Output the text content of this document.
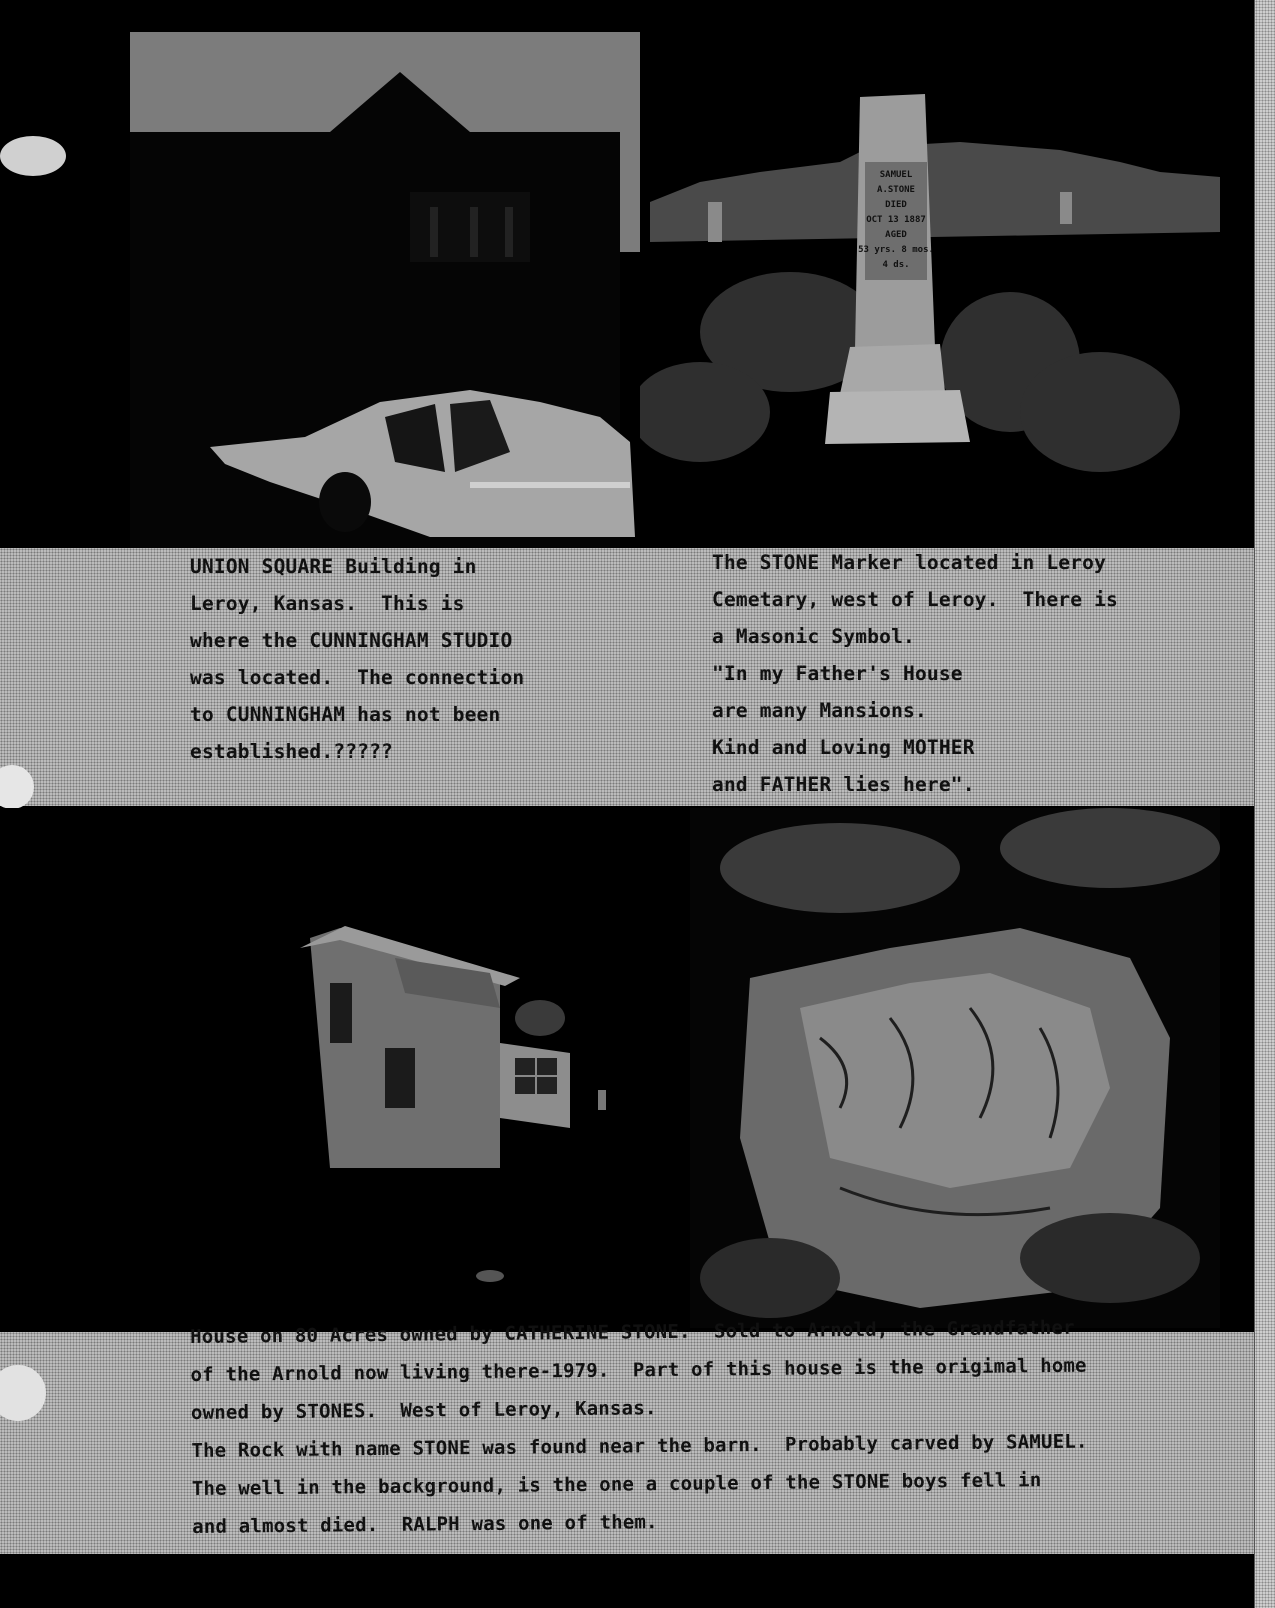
SAMUEL
A.STONE
DIED
OCT 13 1887
AGED
53 yrs. 8 mos.
4 ds.
UNION SQUARE Building in
Leroy, Kansas.  This is
where the CUNNINGHAM STUDIO
was located.  The connection
to CUNNINGHAM has not been
established.?????
The STONE Marker located in Leroy
Cemetary, west of Leroy.  There is
a Masonic Symbol.
"In my Father's House
are many Mansions.
Kind and Loving MOTHER
and FATHER lies here".
House on 80 Acres owned by CATHERINE STONE.  Sold to Arnold, the Grandfather
of the Arnold now living there-1979.  Part of this house is the origimal home
owned by STONES.  West of Leroy, Kansas.
The Rock with name STONE was found near the barn.  Probably carved by SAMUEL.
The well in the background, is the one a couple of the STONE boys fell in
and almost died.  RALPH was one of them.
